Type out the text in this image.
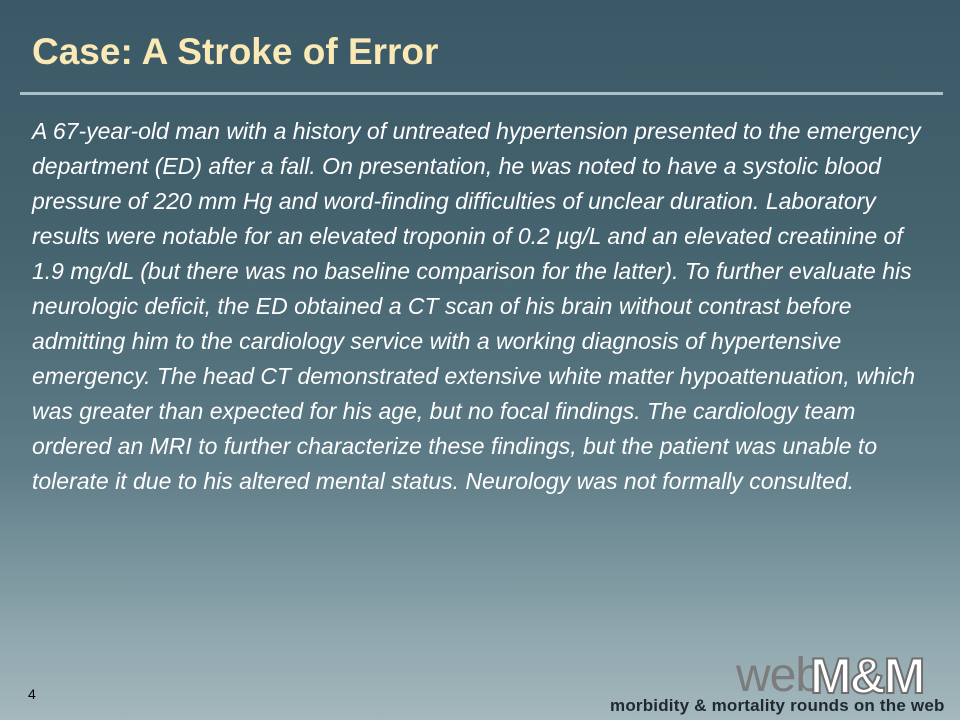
Case: A Stroke of Error

A 67-year-old man with a history of untreated hypertension presented to the emergency department (ED) after a fall. On presentation, he was noted to have a systolic blood pressure of 220 mm Hg and word-finding difficulties of unclear duration. Laboratory results were notable for an elevated troponin of 0.2 µg/L and an elevated creatinine of 1.9 mg/dL (but there was no baseline comparison for the latter). To further evaluate his neurologic deficit, the ED obtained a CT scan of his brain without contrast before admitting him to the cardiology service with a working diagnosis of hypertensive emergency. The head CT demonstrated extensive white matter hypoattenuation, which was greater than expected for his age, but no focal findings. The cardiology team ordered an MRI to further characterize these findings, but the patient was unable to tolerate it due to his altered mental status. Neurology was not formally consulted.

4	web
M&M
morbidity & mortality rounds on the web
